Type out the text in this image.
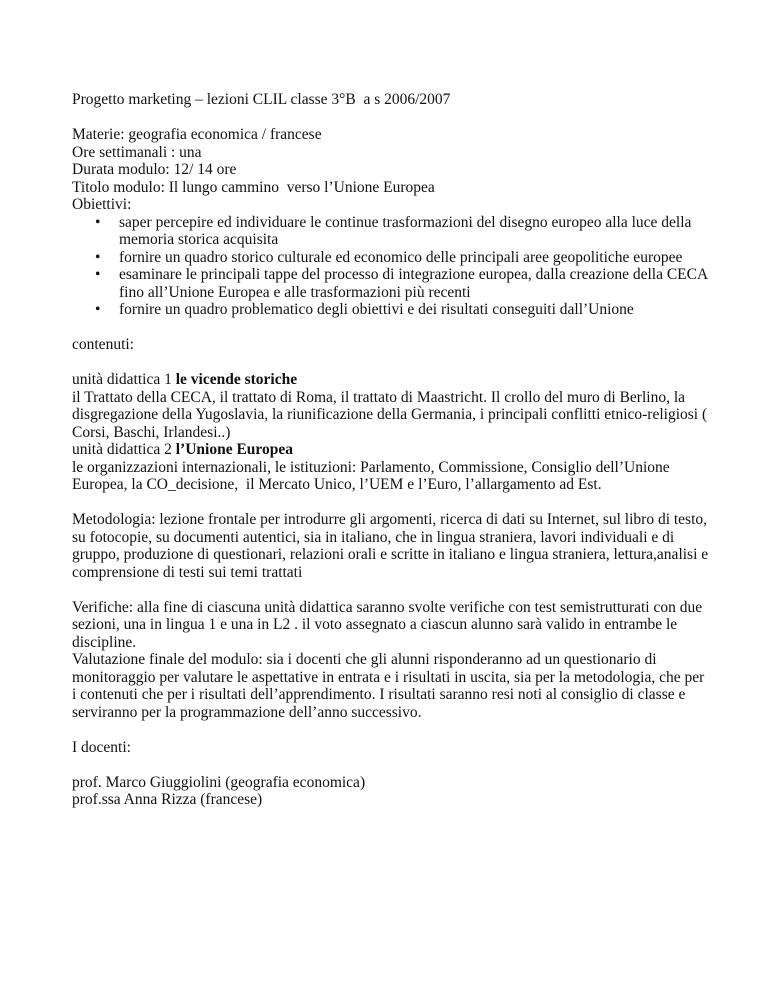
Progetto marketing – lezioni CLIL classe 3°B  a s 2006/2007

Materie: geografia economica / francese

Ore settimanali : una

Durata modulo: 12/ 14 ore

Titolo modulo: Il lungo cammino  verso l’Unione Europea

Obiettivi:

• saper percepire ed individuare le continue trasformazioni del disegno europeo alla luce della memoria storica acquisita
• fornire un quadro storico culturale ed economico delle principali aree geopolitiche europee
• esaminare le principali tappe del processo di integrazione europea, dalla creazione della CECA fino all’Unione Europea e alle trasformazioni più recenti
• fornire un quadro problematico degli obiettivi e dei risultati conseguiti dall’Unione

contenuti:

unità didattica 1 le vicende storiche

il Trattato della CECA, il trattato di Roma, il trattato di Maastricht. Il crollo del muro di Berlino, la disgregazione della Yugoslavia, la riunificazione della Germania, i principali conflitti etnico-religiosi ( Corsi, Baschi, Irlandesi..)

unità didattica 2 l’Unione Europea

le organizzazioni internazionali, le istituzioni: Parlamento, Commissione, Consiglio dell’Unione Europea, la CO_decisione,  il Mercato Unico, l’UEM e l’Euro, l’allargamento ad Est.

Metodologia: lezione frontale per introdurre gli argomenti, ricerca di dati su Internet, sul libro di testo, su fotocopie, su documenti autentici, sia in italiano, che in lingua straniera, lavori individuali e di gruppo, produzione di questionari, relazioni orali e scritte in italiano e lingua straniera, lettura,analisi e comprensione di testi sui temi trattati

Verifiche: alla fine di ciascuna unità didattica saranno svolte verifiche con test semistrutturati con due sezioni, una in lingua 1 e una in L2 . il voto assegnato a ciascun alunno sarà valido in entrambe le discipline.

Valutazione finale del modulo: sia i docenti che gli alunni risponderanno ad un questionario di monitoraggio per valutare le aspettative in entrata e i risultati in uscita, sia per la metodologia, che per i contenuti che per i risultati dell’apprendimento. I risultati saranno resi noti al consiglio di classe e serviranno per la programmazione dell’anno successivo.

I docenti:

prof. Marco Giuggiolini (geografia economica)

prof.ssa Anna Rizza (francese)
